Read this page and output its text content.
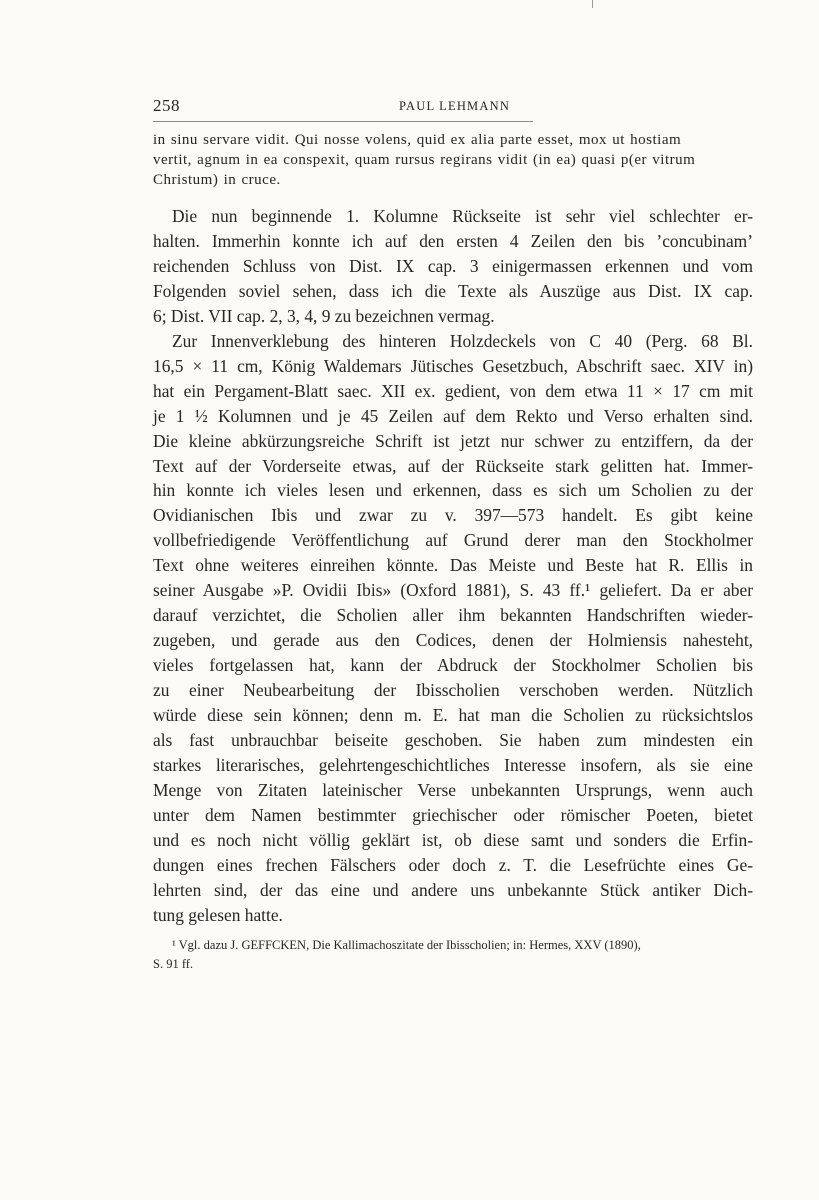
258	PAUL LEHMANN
in sinu servare vidit. Qui nosse volens, quid ex alia parte esset, mox ut hostiam
vertit, agnum in ea conspexit, quam rursus regirans vidit (in ea) quasi p(er vitrum
Christum) in cruce.
Die nun beginnende 1. Kolumne Rückseite ist sehr viel schlechter er-
halten. Immerhin konnte ich auf den ersten 4 Zeilen den bis ’concubinam’
reichenden Schluss von Dist. IX cap. 3 einigermassen erkennen und vom
Folgenden soviel sehen, dass ich die Texte als Auszüge aus Dist. IX cap.
6; Dist. VII cap. 2, 3, 4, 9 zu bezeichnen vermag.
Zur Innenverklebung des hinteren Holzdeckels von C 40 (Perg. 68 Bl.
16,5 × 11 cm, König Waldemars Jütisches Gesetzbuch, Abschrift saec. XIV in)
hat ein Pergament-Blatt saec. XII ex. gedient, von dem etwa 11 × 17 cm mit
je 1 ½ Kolumnen und je 45 Zeilen auf dem Rekto und Verso erhalten sind.
Die kleine abkürzungsreiche Schrift ist jetzt nur schwer zu entziffern, da der
Text auf der Vorderseite etwas, auf der Rückseite stark gelitten hat. Immer-
hin konnte ich vieles lesen und erkennen, dass es sich um Scholien zu der
Ovidianischen Ibis und zwar zu v. 397—573 handelt. Es gibt keine
vollbefriedigende Veröffentlichung auf Grund derer man den Stockholmer
Text ohne weiteres einreihen könnte. Das Meiste und Beste hat R. Ellis in
seiner Ausgabe »P. Ovidii Ibis» (Oxford 1881), S. 43 ff.¹ geliefert. Da er aber
darauf verzichtet, die Scholien aller ihm bekannten Handschriften wieder-
zugeben, und gerade aus den Codices, denen der Holmiensis nahesteht,
vieles fortgelassen hat, kann der Abdruck der Stockholmer Scholien bis
zu einer Neubearbeitung der Ibisscholien verschoben werden. Nützlich
würde diese sein können; denn m. E. hat man die Scholien zu rücksichtslos
als fast unbrauchbar beiseite geschoben. Sie haben zum mindesten ein
starkes literarisches, gelehrtengeschichtliches Interesse insofern, als sie eine
Menge von Zitaten lateinischer Verse unbekannten Ursprungs, wenn auch
unter dem Namen bestimmter griechischer oder römischer Poeten, bietet
und es noch nicht völlig geklärt ist, ob diese samt und sonders die Erfin-
dungen eines frechen Fälschers oder doch z. T. die Lesefrüchte eines Ge-
lehrten sind, der das eine und andere uns unbekannte Stück antiker Dich-
tung gelesen hatte.
¹ Vgl. dazu J. GEFFCKEN, Die Kallimachoszitate der Ibisscholien; in: Hermes, XXV (1890),
S. 91 ff.
